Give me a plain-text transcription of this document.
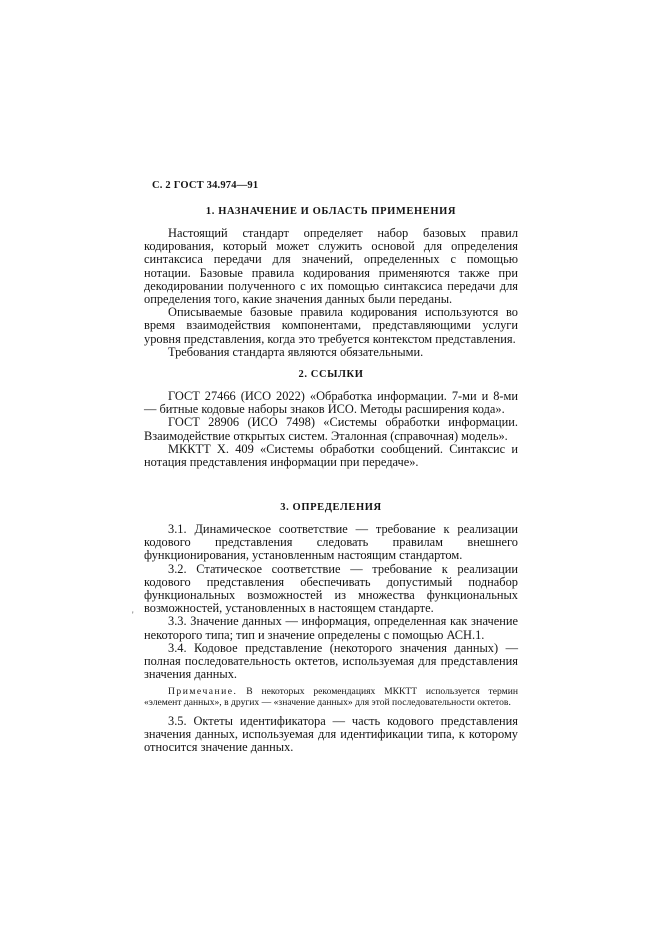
С. 2 ГОСТ 34.974—91

1. НАЗНАЧЕНИЕ И ОБЛАСТЬ ПРИМЕНЕНИЯ

Настоящий стандарт определяет набор базовых правил кодирования, который может служить основой для определения синтаксиса передачи для значений, определенных с помощью нотации. Базовые правила кодирования применяются также при декодировании полученного с их помощью синтаксиса передачи для определения того, какие значения данных были переданы.

Описываемые базовые правила кодирования используются во время взаимодействия компонентами, представляющими услуги уровня представления, когда это требуется контекстом представления.

Требования стандарта являются обязательными.

2. ССЫЛКИ

ГОСТ 27466 (ИСО 2022) «Обработка информации. 7-ми и 8-ми — битные кодовые наборы знаков ИСО. Методы расширения кода».

ГОСТ 28906 (ИСО 7498) «Системы обработки информации. Взаимодействие открытых систем. Эталонная (справочная) модель».

МККТТ X. 409 «Системы обработки сообщений. Синтаксис и нотация представления информации при передаче».

3. ОПРЕДЕЛЕНИЯ

3.1. Динамическое соответствие — требование к реализации кодового представления следовать правилам внешнего функционирования, установленным настоящим стандартом.

3.2. Статическое соответствие — требование к реализации кодового представления обеспечивать допустимый поднабор функциональных возможностей из множества функциональных возможностей, установленных в настоящем стандарте.

3.3. Значение данных — информация, определенная как значение некоторого типа; тип и значение определены с помощью АСН.1.

3.4. Кодовое представление (некоторого значения данных) — полная последовательность октетов, используемая для представления значения данных.

Примечание. В некоторых рекомендациях МККТТ используется термин «элемент данных», в других — «значение данных» для этой последовательности октетов.

3.5. Октеты идентификатора — часть кодового представления значения данных, используемая для идентификации типа, к которому относится значение данных.

'
